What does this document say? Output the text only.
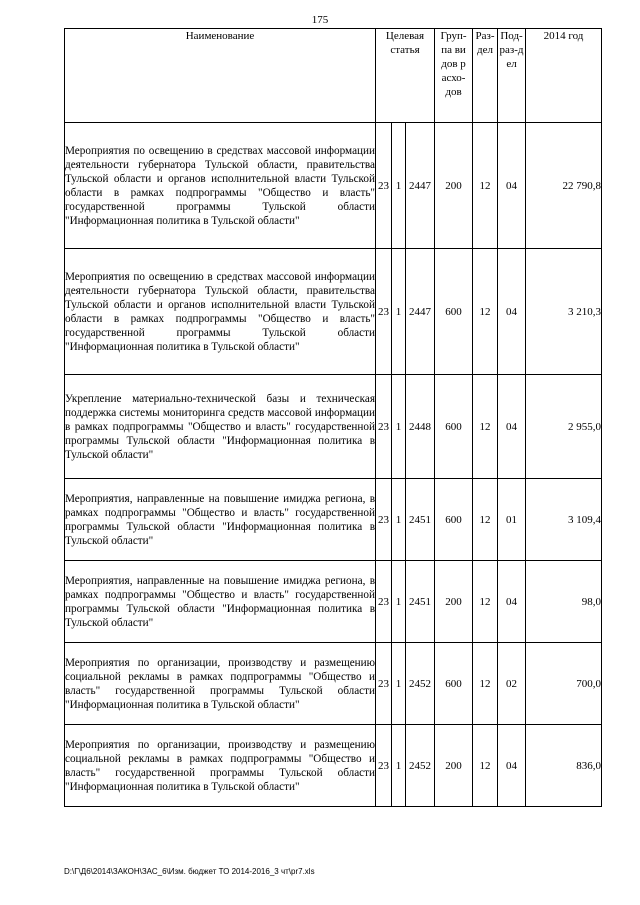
175
Наименование	Целевая статья			Груп-па видов расхо-дов	Раз-дел	Под-раз-дел	2014 год
Мероприятия по освещению в средствах массовой информации деятельности губернатора Тульской области, правительства Тульской области и органов исполнительной власти Тульской области в рамках подпрограммы "Общество и власть" государственной программы Тульской области "Информационная политика в Тульской области"	23	1	2447	200	12	04	22 790,8
Мероприятия по освещению в средствах массовой информации деятельности губернатора Тульской области, правительства Тульской области и органов исполнительной власти Тульской области в рамках подпрограммы "Общество и власть" государственной программы Тульской области "Информационная политика в Тульской области"	23	1	2447	600	12	04	3 210,3
Укрепление материально-технической базы и техническая поддержка системы мониторинга средств массовой информации в рамках подпрограммы "Общество и власть" государственной программы Тульской области "Информационная политика в Тульской области"	23	1	2448	600	12	04	2 955,0
Мероприятия, направленные на повышение имиджа региона, в рамках подпрограммы "Общество и власть" государственной программы Тульской области "Информационная политика в Тульской области"	23	1	2451	600	12	01	3 109,4
Мероприятия, направленные на повышение имиджа региона, в рамках подпрограммы "Общество и власть" государственной программы Тульской области "Информационная политика в Тульской области"	23	1	2451	200	12	04	98,0
Мероприятия по организации, производству и размещению социальной рекламы в рамках подпрограммы "Общество и власть" государственной программы Тульской области "Информационная политика в Тульской области"	23	1	2452	600	12	02	700,0
Мероприятия по организации, производству и размещению социальной рекламы в рамках подпрограммы "Общество и власть" государственной программы Тульской области "Информационная политика в Тульской области"	23	1	2452	200	12	04	836,0
D:\Г\Д6\2014\ЗАКОН\ЗАС_6\Изм. бюджет ТО 2014-2016_3 чт\pr7.xls
